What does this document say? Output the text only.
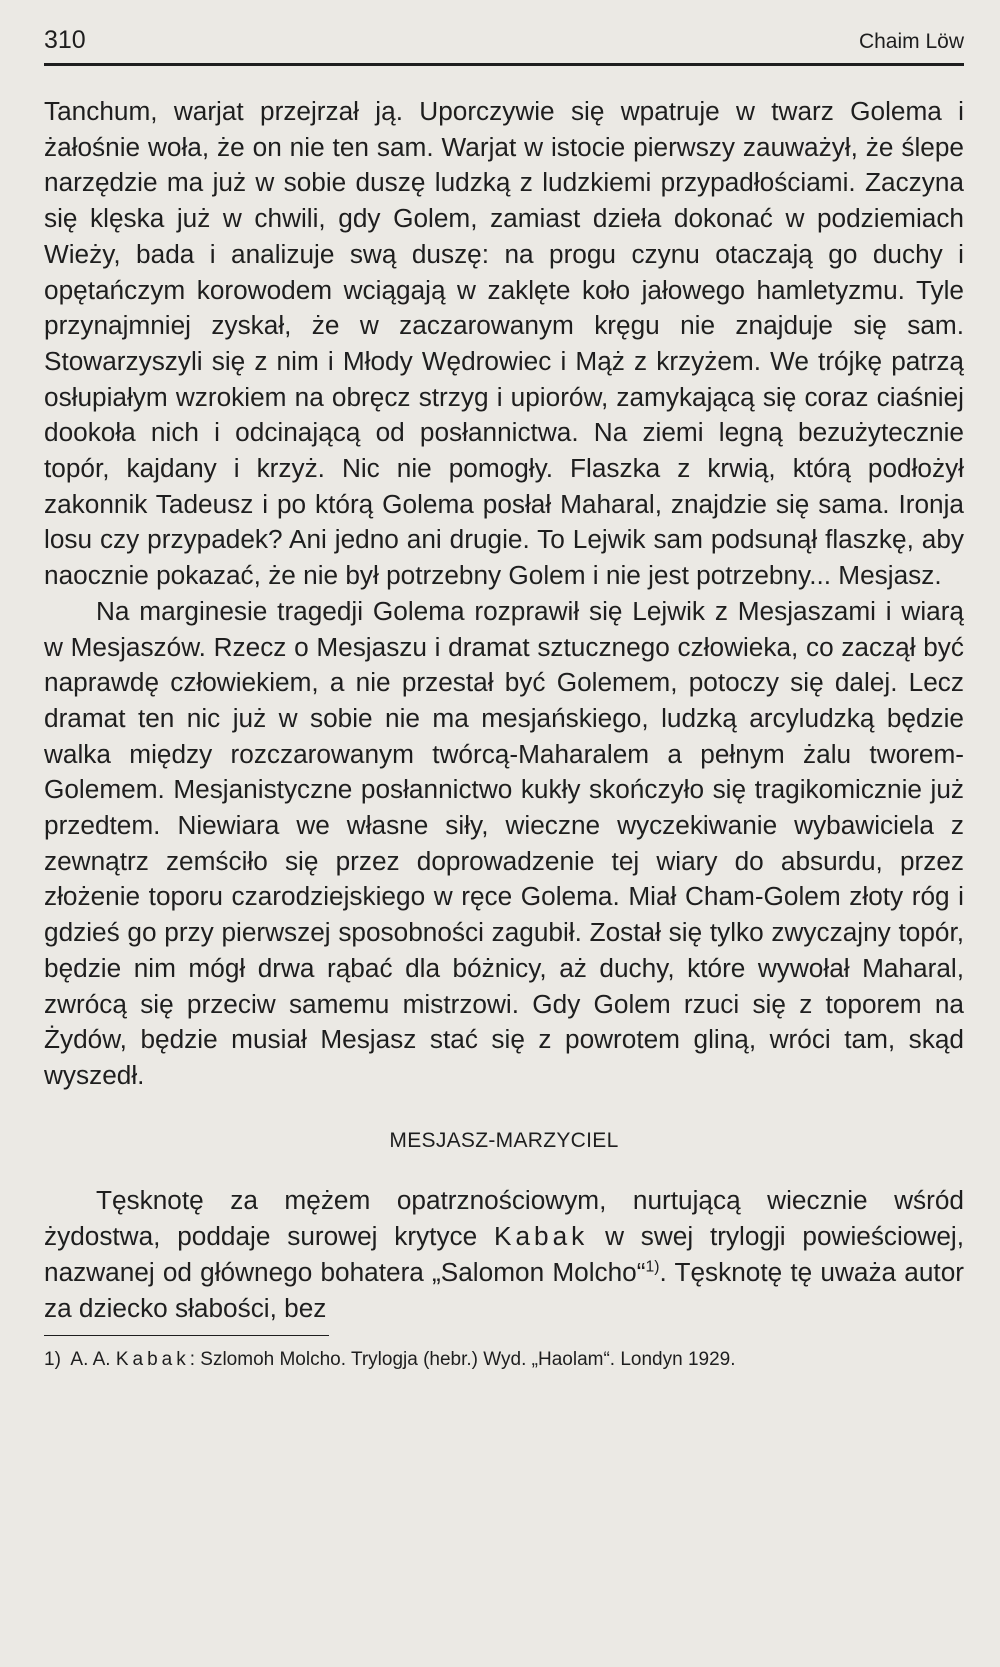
310	Chaim Löw

Tanchum, warjat przejrzał ją. Uporczywie się wpatruje w twarz Golema i żałośnie woła, że on nie ten sam. Warjat w istocie pierwszy zauważył, że ślepe narzędzie ma już w sobie duszę ludzką z ludzkiemi przypadłościami. Zaczyna się klęska już w chwili, gdy Golem, zamiast dzieła dokonać w podziemiach Wieży, bada i analizuje swą duszę: na progu czynu otaczają go duchy i opętańczym korowodem wciągają w zaklęte koło jałowego hamletyzmu. Tyle przynajmniej zyskał, że w zaczarowanym kręgu nie znajduje się sam. Stowarzyszyli się z nim i Młody Wędrowiec i Mąż z krzyżem. We trójkę patrzą osłupiałym wzrokiem na obręcz strzyg i upiorów, zamykającą się coraz ciaśniej dookoła nich i odcinającą od posłannictwa. Na ziemi legną bezużytecznie topór, kajdany i krzyż. Nic nie pomogły. Flaszka z krwią, którą podłożył zakonnik Tadeusz i po którą Golema posłał Maharal, znajdzie się sama. Ironja losu czy przypadek? Ani jedno ani drugie. To Lejwik sam podsunął flaszkę, aby naocznie pokazać, że nie był potrzebny Golem i nie jest potrzebny... Mesjasz.

Na marginesie tragedji Golema rozprawił się Lejwik z Mesjaszami i wiarą w Mesjaszów. Rzecz o Mesjaszu i dramat sztucznego człowieka, co zaczął być naprawdę człowiekiem, a nie przestał być Golemem, potoczy się dalej. Lecz dramat ten nic już w sobie nie ma mesjańskiego, ludzką arcyludzką będzie walka między rozczarowanym twórcą-Maharalem a pełnym żalu tworem-Golemem. Mesjanistyczne posłannictwo kukły skończyło się tragikomicznie już przedtem. Niewiara we własne siły, wieczne wyczekiwanie wybawiciela z zewnątrz zemściło się przez doprowadzenie tej wiary do absurdu, przez złożenie toporu czarodziejskiego w ręce Golema. Miał Cham-Golem złoty róg i gdzieś go przy pierwszej sposobności zagubił. Został się tylko zwyczajny topór, będzie nim mógł drwa rąbać dla bóżnicy, aż duchy, które wywołał Maharal, zwrócą się przeciw samemu mistrzowi. Gdy Golem rzuci się z toporem na Żydów, będzie musiał Mesjasz stać się z powrotem gliną, wróci tam, skąd wyszedł.

MESJASZ-MARZYCIEL

Tęsknotę za mężem opatrznościowym, nurtującą wiecznie wśród żydostwa, poddaje surowej krytyce Kabak w swej trylogji powieściowej, nazwanej od głównego bohatera „Salomon Molcho“$^{1)}$. Tęsknotę tę uważa autor za dziecko słabości, bez

1) A. A. Kabak: Szlomoh Molcho. Trylogja (hebr.) Wyd. „Haolam“. Londyn 1929.
